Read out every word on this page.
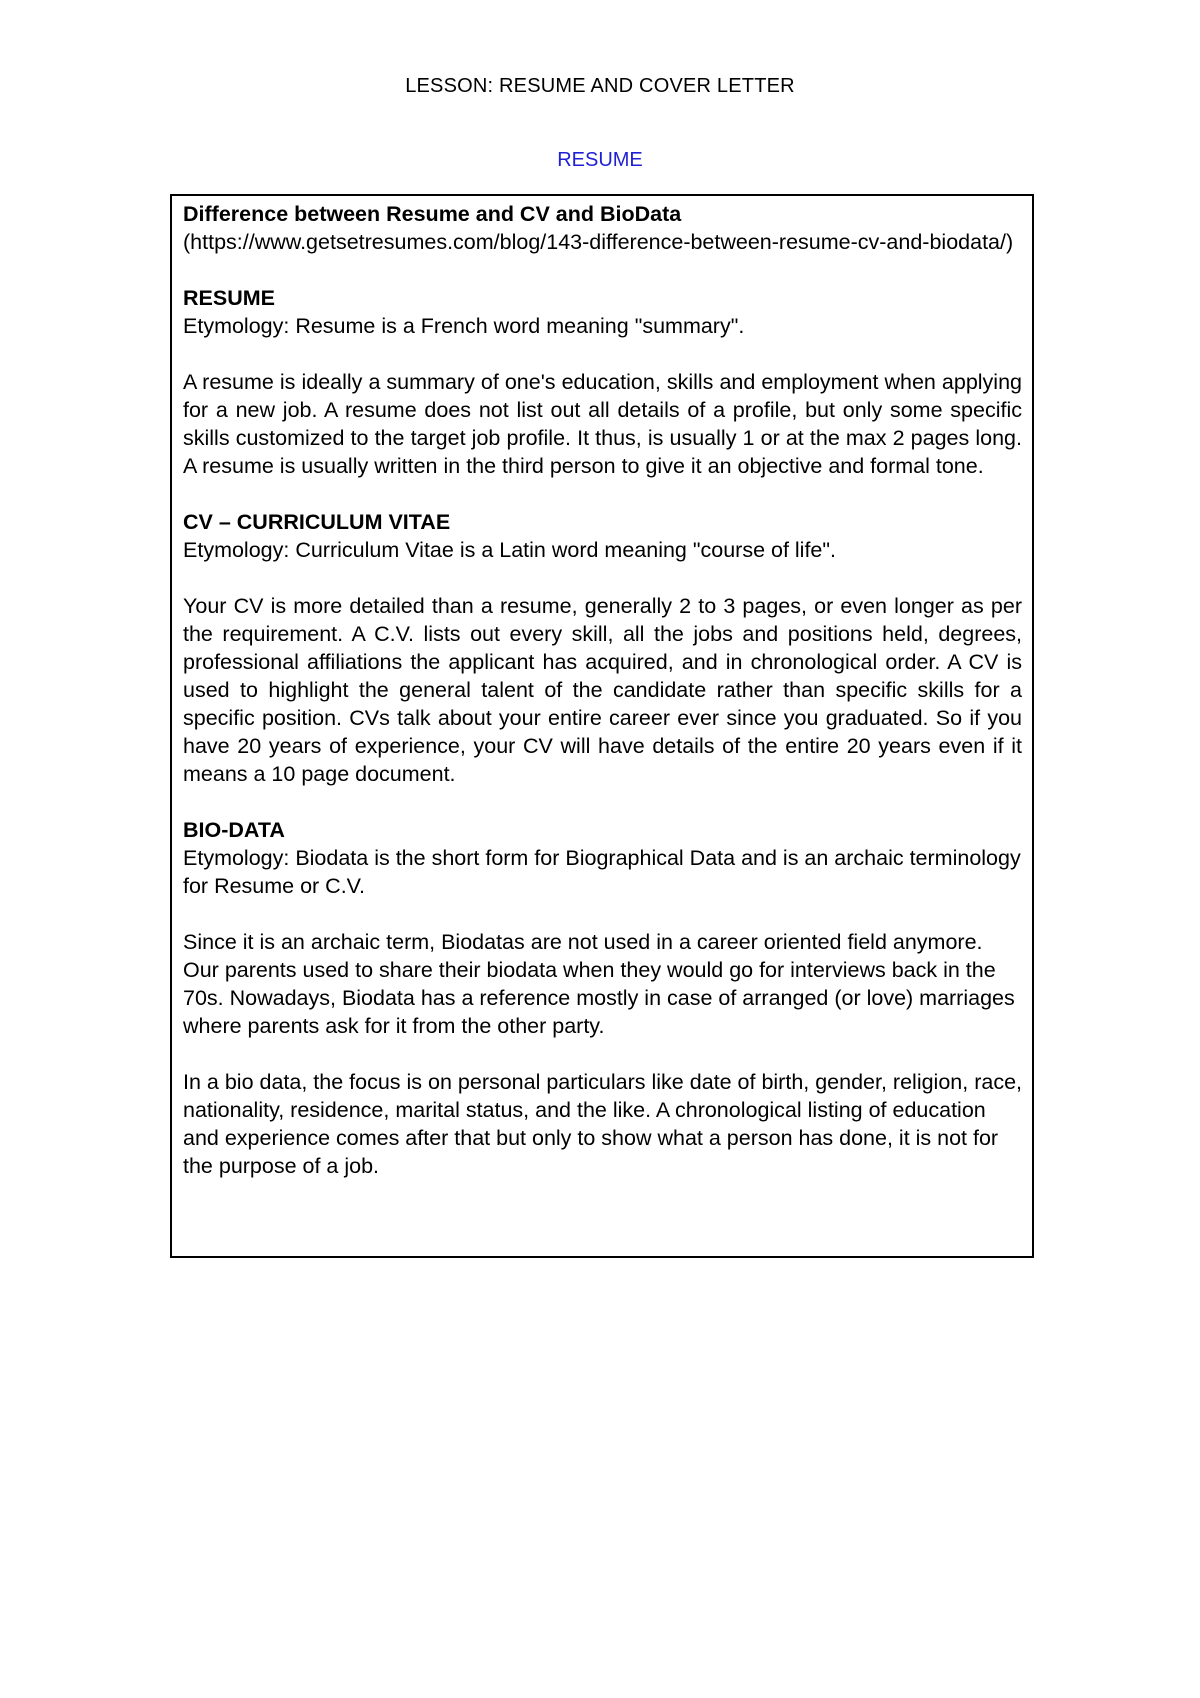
LESSON: RESUME AND COVER LETTER
RESUME

Difference between Resume and CV and BioData

(https://www.getsetresumes.com/blog/143-difference-between-resume-cv-and-biodata/)

RESUME

Etymology: Resume is a French word meaning "summary".

A resume is ideally a summary of one's education, skills and employment when applying for a new job. A resume does not list out all details of a profile, but only some specific skills customized to the target job profile. It thus, is usually 1 or at the max 2 pages long. A resume is usually written in the third person to give it an objective and formal tone.

CV – CURRICULUM VITAE

Etymology: Curriculum Vitae is a Latin word meaning "course of life".

Your CV is more detailed than a resume, generally 2 to 3 pages, or even longer as per the requirement. A C.V. lists out every skill, all the jobs and positions held, degrees, professional affiliations the applicant has acquired, and in chronological order. A CV is used to highlight the general talent of the candidate rather than specific skills for a specific position. CVs talk about your entire career ever since you graduated. So if you have 20 years of experience, your CV will have details of the entire 20 years even if it means a 10 page document.

BIO-DATA

Etymology: Biodata is the short form for Biographical Data and is an archaic terminology for Resume or C.V.

Since it is an archaic term, Biodatas are not used in a career oriented field anymore. Our parents used to share their biodata when they would go for interviews back in the 70s. Nowadays, Biodata has a reference mostly in case of arranged (or love) marriages where parents ask for it from the other party.

In a bio data, the focus is on personal particulars like date of birth, gender, religion, race, nationality, residence, marital status, and the like. A chronological listing of education and experience comes after that but only to show what a person has done, it is not for the purpose of a job.
